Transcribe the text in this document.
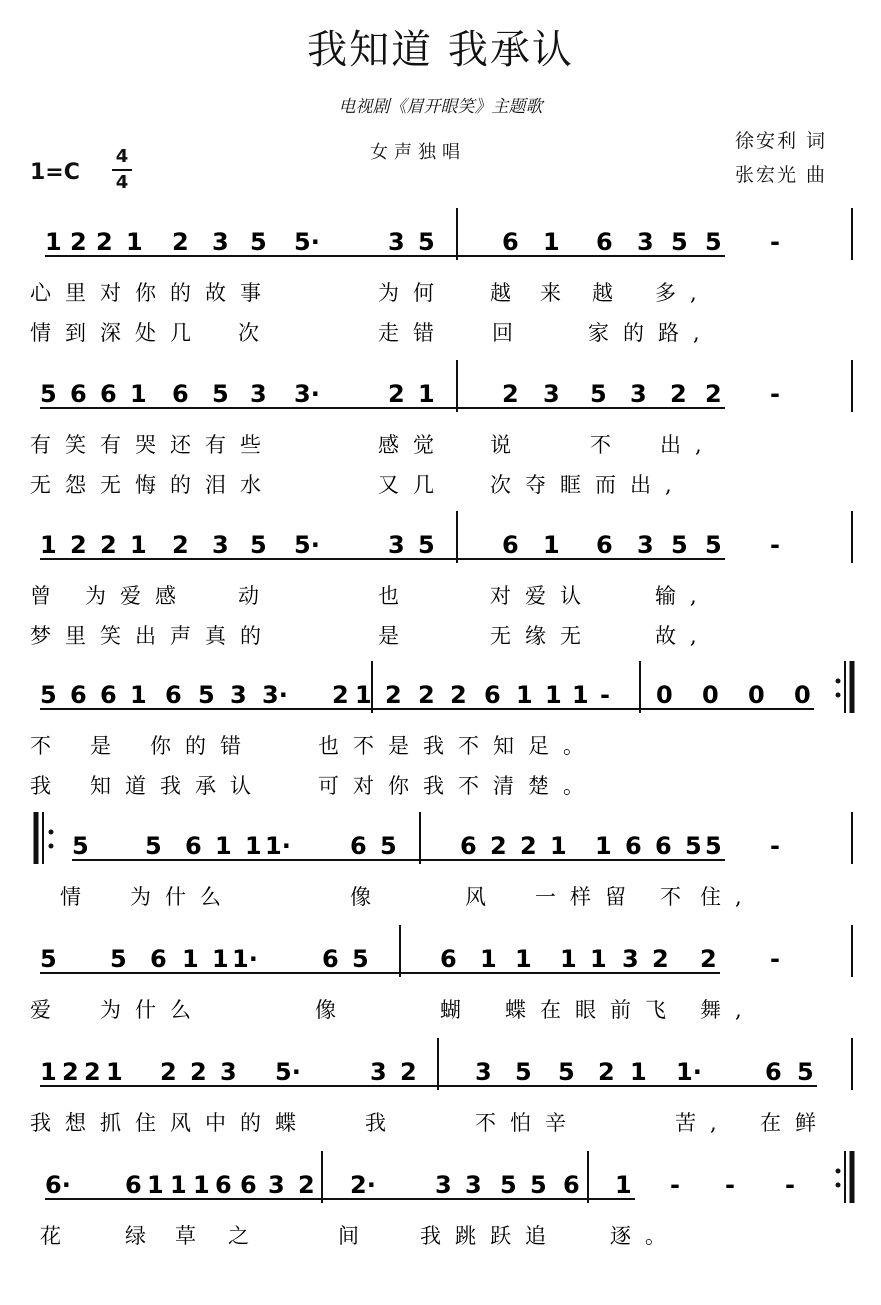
我知道 我承认
电视剧《眉开眼笑》主题歌
女声独唱
徐安利 词
张宏光 曲
1=C
4
4
1 2 2 1 2 3 5 5·	3 5	6 1 6 3 5 5 -
心里对你的故事	为何 越 来 越 多,
情到深处几 次	走错 回	家的路,
5 6 6 1 6 5 3 3·	2 1	2 3 5 3 2 2 -
有笑有哭还有些	感觉 说	不 出,
无怨无悔的泪水	又几 次夺眶而出,
1 2 2 1 2 3 5 5·	3 5	6 1 6 3 5 5 -
曾 为爱感 动	也	对爱认	输,
梦里笑出声真的	是	无缘无	故,
5 6 6 1 6 5 3 3· 2 1 2 2 2 6 1 1 1 - 0 0 0 0
不 是 你的错	也不是我不知足。
我 知道我承认	可对你我不清楚。
5 5 6 1 1 1· 6 5	6 2 2 1 1 6 6 5 5 -
情 为什么	像	风 一样留 不 住,
5 5 6 1 1 1·	6 5	6 1 1 1 1 3 2 2 -
爱 为什么	像	蝴 蝶在眼前飞 舞,
1 2 2 1 2 2 3 5·	3 2 3 5 5 2 1 1·	6 5
我想抓住风中的蝶	我	不怕辛	苦, 在鲜
6· 6 1 1 1 6 6 3 2 2· 3 3 5 5 6 1 - - -
花 绿 草 之	间 我跳跃追 逐。
